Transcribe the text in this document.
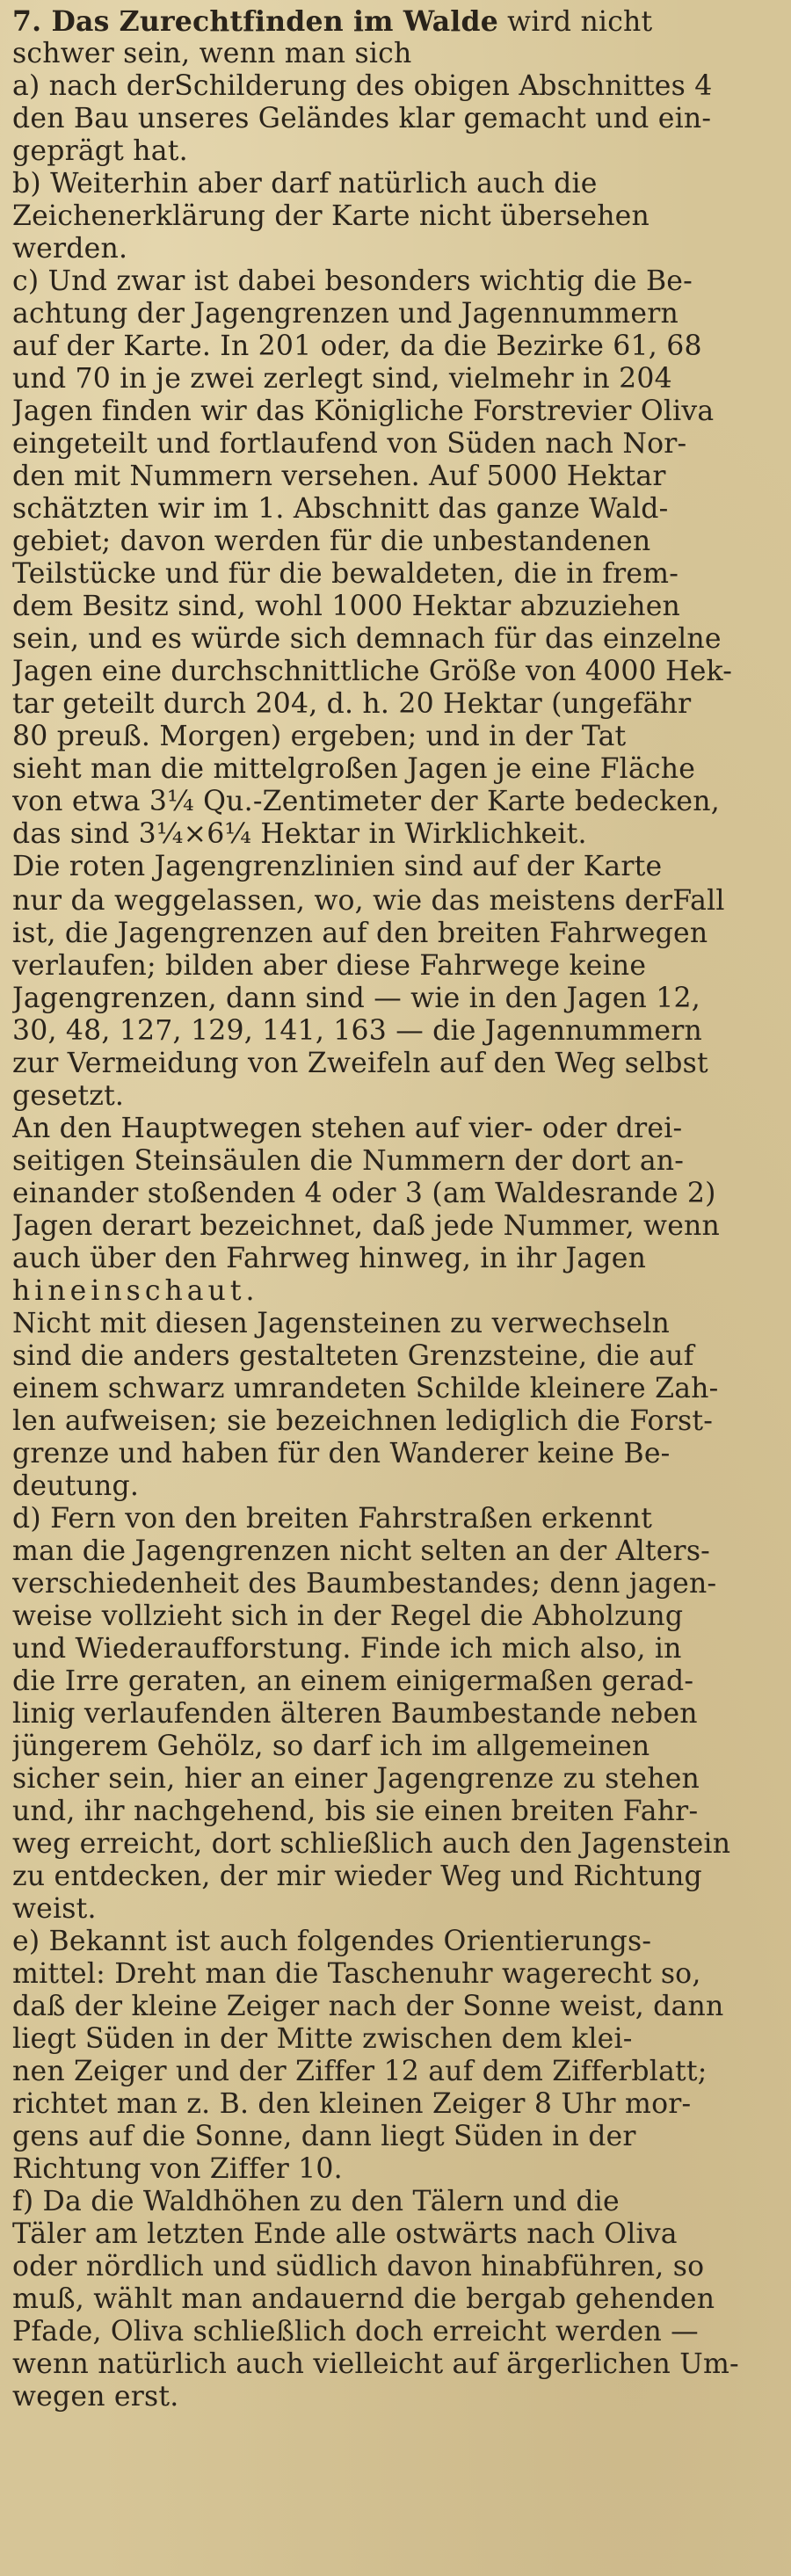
7. Das Zurechtfinden im Walde wird nicht
schwer sein, wenn man sich
a) nach derSchilderung des obigen Abschnittes 4
den Bau unseres Geländes klar gemacht und ein-
geprägt hat.
b) Weiterhin aber darf natürlich auch die
Zeichenerklärung der Karte nicht übersehen
werden.
c) Und zwar ist dabei besonders wichtig die Be-
achtung der Jagengrenzen und Jagennummern
auf der Karte. In 201 oder, da die Bezirke 61, 68
und 70 in je zwei zerlegt sind, vielmehr in 204
Jagen finden wir das Königliche Forstrevier Oliva
eingeteilt und fortlaufend von Süden nach Nor-
den mit Nummern versehen. Auf 5000 Hektar
schätzten wir im 1. Abschnitt das ganze Wald-
gebiet; davon werden für die unbestandenen
Teilstücke und für die bewaldeten, die in frem-
dem Besitz sind, wohl 1000 Hektar abzuziehen
sein, und es würde sich demnach für das einzelne
Jagen eine durchschnittliche Größe von 4000 Hek-
tar geteilt durch 204, d. h. 20 Hektar (ungefähr
80 preuß. Morgen) ergeben; und in der Tat
sieht man die mittelgroßen Jagen je eine Fläche
von etwa 3¼ Qu.-Zentimeter der Karte bedecken,
das sind 3¼×6¼ Hektar in Wirklichkeit.
Die roten Jagengrenzlinien sind auf der Karte
nur da weggelassen, wo, wie das meistens derFall
ist, die Jagengrenzen auf den breiten Fahrwegen
verlaufen; bilden aber diese Fahrwege keine
Jagengrenzen, dann sind — wie in den Jagen 12,
30, 48, 127, 129, 141, 163 — die Jagennummern
zur Vermeidung von Zweifeln auf den Weg selbst
gesetzt.
An den Hauptwegen stehen auf vier- oder drei-
seitigen Steinsäulen die Nummern der dort an-
einander stoßenden 4 oder 3 (am Waldesrande 2)
Jagen derart bezeichnet, daß jede Nummer, wenn
auch über den Fahrweg hinweg, in ihr Jagen
hineinschaut.
Nicht mit diesen Jagensteinen zu verwechseln
sind die anders gestalteten Grenzsteine, die auf
einem schwarz umrandeten Schilde kleinere Zah-
len aufweisen; sie bezeichnen lediglich die Forst-
grenze und haben für den Wanderer keine Be-
deutung.
d) Fern von den breiten Fahrstraßen erkennt
man die Jagengrenzen nicht selten an der Alters-
verschiedenheit des Baumbestandes; denn jagen-
weise vollzieht sich in der Regel die Abholzung
und Wiederaufforstung. Finde ich mich also, in
die Irre geraten, an einem einigermaßen gerad-
linig verlaufenden älteren Baumbestande neben
jüngerem Gehölz, so darf ich im allgemeinen
sicher sein, hier an einer Jagengrenze zu stehen
und, ihr nachgehend, bis sie einen breiten Fahr-
weg erreicht, dort schließlich auch den Jagenstein
zu entdecken, der mir wieder Weg und Richtung
weist.
e) Bekannt ist auch folgendes Orientierungs-
mittel: Dreht man die Taschenuhr wagerecht so,
daß der kleine Zeiger nach der Sonne weist, dann
liegt Süden in der Mitte zwischen dem klei-
nen Zeiger und der Ziffer 12 auf dem Zifferblatt;
richtet man z. B. den kleinen Zeiger 8 Uhr mor-
gens auf die Sonne, dann liegt Süden in der
Richtung von Ziffer 10.
f) Da die Waldhöhen zu den Tälern und die
Täler am letzten Ende alle ostwärts nach Oliva
oder nördlich und südlich davon hinabführen, so
muß, wählt man andauernd die bergab gehenden
Pfade, Oliva schließlich doch erreicht werden —
wenn natürlich auch vielleicht auf ärgerlichen Um-
wegen erst.
